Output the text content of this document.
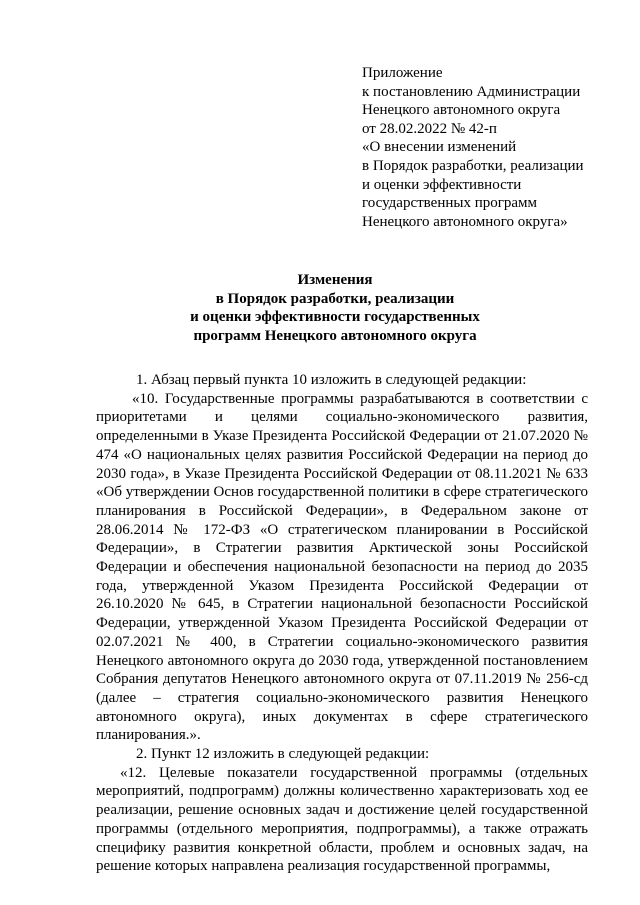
Приложение
к постановлению Администрации
Ненецкого автономного округа
от 28.02.2022 № 42-п
«О внесении изменений
в Порядок разработки, реализации
и оценки эффективности
государственных программ
Ненецкого автономного округа»
Изменения
в Порядок разработки, реализации
и оценки эффективности государственных
программ Ненецкого автономного округа

1. Абзац первый пункта 10 изложить в следующей редакции:

«10. Государственные программы разрабатываются в соответствии с приоритетами и целями социально-экономического развития, определенными в Указе Президента Российской Федерации от 21.07.2020 № 474 «О национальных целях развития Российской Федерации на период до 2030 года», в Указе Президента Российской Федерации от 08.11.2021 № 633 «Об утверждении Основ государственной политики в сфере стратегического планирования в Российской Федерации», в Федеральном законе от 28.06.2014 № 172-ФЗ «О стратегическом планировании в Российской Федерации», в Стратегии развития Арктической зоны Российской Федерации и обеспечения национальной безопасности на период до 2035 года, утвержденной Указом Президента Российской Федерации от 26.10.2020 № 645, в Стратегии национальной безопасности Российской Федерации, утвержденной Указом Президента Российской Федерации от 02.07.2021 № 400, в Стратегии социально-экономического развития Ненецкого автономного округа до 2030 года, утвержденной постановлением Собрания депутатов Ненецкого автономного округа от 07.11.2019 № 256-сд (далее – стратегия социально-экономического развития Ненецкого автономного округа), иных документах в сфере стратегического планирования.».

2. Пункт 12 изложить в следующей редакции:

«12. Целевые показатели государственной программы (отдельных мероприятий, подпрограмм) должны количественно характеризовать ход ее реализации, решение основных задач и достижение целей государственной программы (отдельного мероприятия, подпрограммы), а также отражать специфику развития конкретной области, проблем и основных задач, на решение которых направлена реализация государственной программы,
